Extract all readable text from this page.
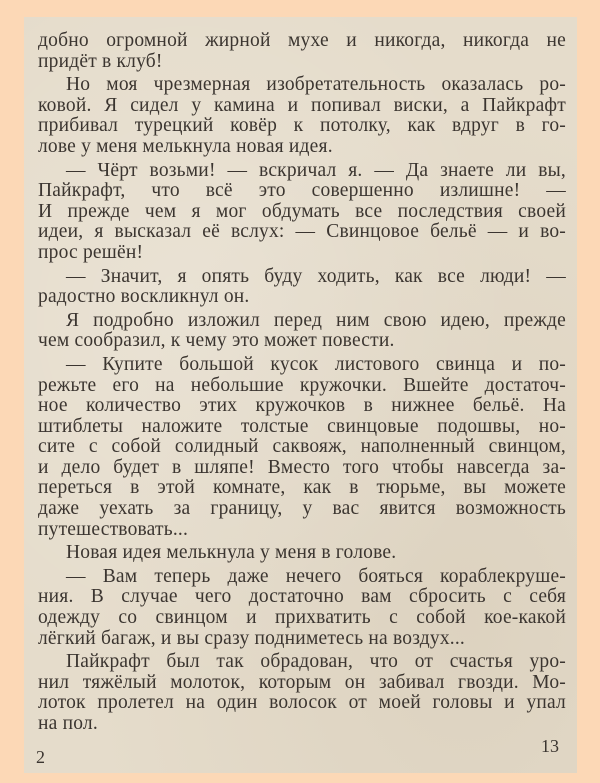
добно огромной жирной мухе и никогда, никогда не
придёт в клуб!
Но моя чрезмерная изобретательность оказалась ро-
ковой. Я сидел у камина и попивал виски, а Пайкрафт
прибивал турецкий ковёр к потолку, как вдруг в го-
лове у меня мелькнула новая идея.
— Чёрт возьми! — вскричал я. — Да знаете ли вы,
Пайкрафт, что всё это совершенно излишне! —
И прежде чем я мог обдумать все последствия своей
идеи, я высказал её вслух: — Свинцовое бельё — и во-
прос решён!
— Значит, я опять буду ходить, как все люди! —
радостно воскликнул он.
Я подробно изложил перед ним свою идею, прежде
чем сообразил, к чему это может повести.
— Купите большой кусок листового свинца и по-
режьте его на небольшие кружочки. Вшейте достаточ-
ное количество этих кружочков в нижнее бельё. На
штиблеты наложите толстые свинцовые подошвы, но-
сите с собой солидный саквояж, наполненный свинцом,
и дело будет в шляпе! Вместо того чтобы навсегда за-
переться в этой комнате, как в тюрьме, вы можете
даже уехать за границу, у вас явится возможность
путешествовать...
Новая идея мелькнула у меня в голове.
— Вам теперь даже нечего бояться кораблекруше-
ния. В случае чего достаточно вам сбросить с себя
одежду со свинцом и прихватить с собой кое-какой
лёгкий багаж, и вы сразу подниметесь на воздух...
Пайкрафт был так обрадован, что от счастья уро-
нил тяжёлый молоток, которым он забивал гвозди. Мо-
лоток пролетел на один волосок от моей головы и упал
на пол.
2
13
